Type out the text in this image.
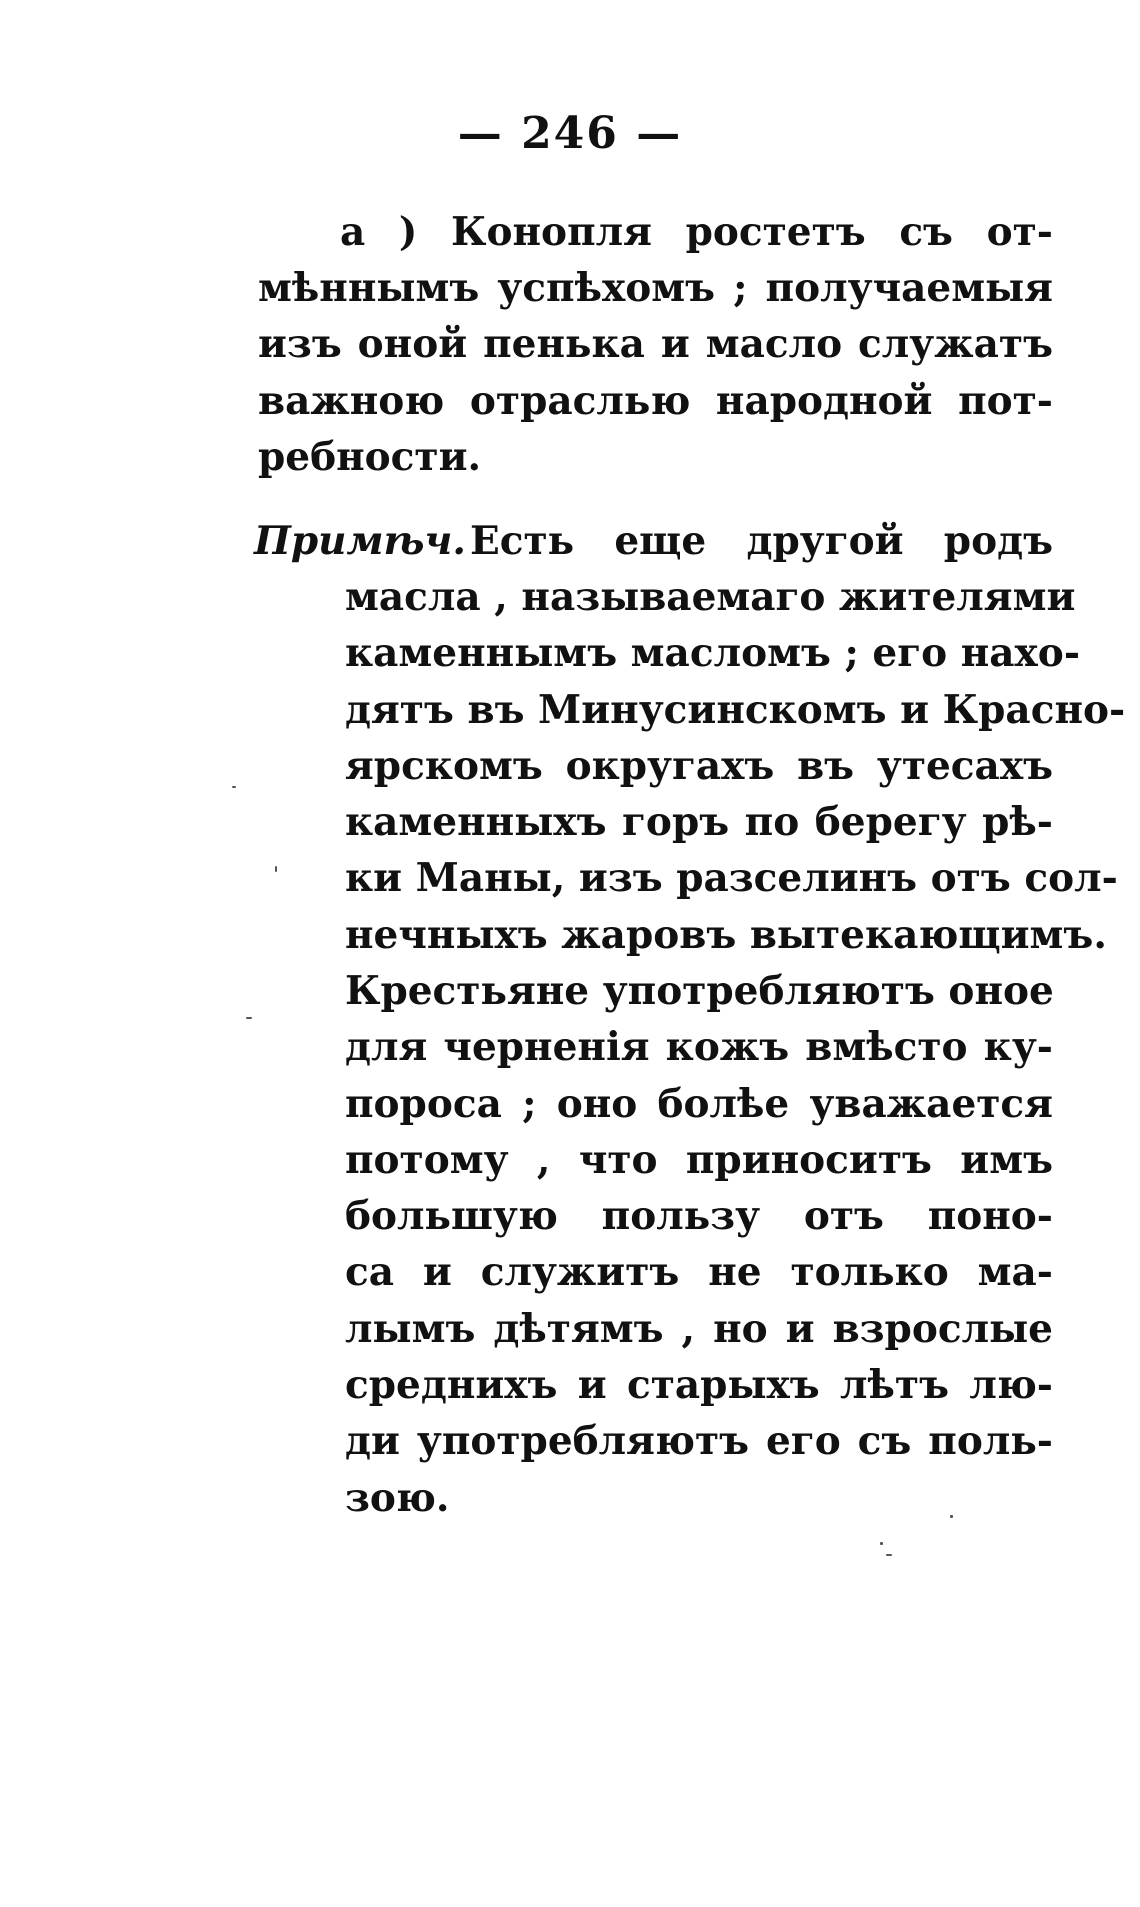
— 246 —
a ) Конопля ростетъ съ от-
мѣннымъ успѣхомъ ; получаемыя
изъ оной пенька и масло служатъ
важною отраслью народной пот-
ребности.
Примѣч. Есть еще другой родъ
масла , называемаго жителями
каменнымъ масломъ ; его нахо-
дятъ въ Минусинскомъ и Красно-
ярскомъ округахъ въ утесахъ
каменныхъ горъ по берегу рѣ-
ки Маны, изъ разселинъ отъ сол-
нечныхъ жаровъ вытекающимъ.
Крестьяне употребляютъ оное
для черненія кожъ вмѣсто ку-
пороса ; оно болѣе уважается
потому , что приноситъ имъ
большую пользу отъ поно-
са и служитъ не только ма-
лымъ дѣтямъ , но и взрослые
среднихъ и старыхъ лѣтъ лю-
ди употребляютъ его съ поль-
зою.
